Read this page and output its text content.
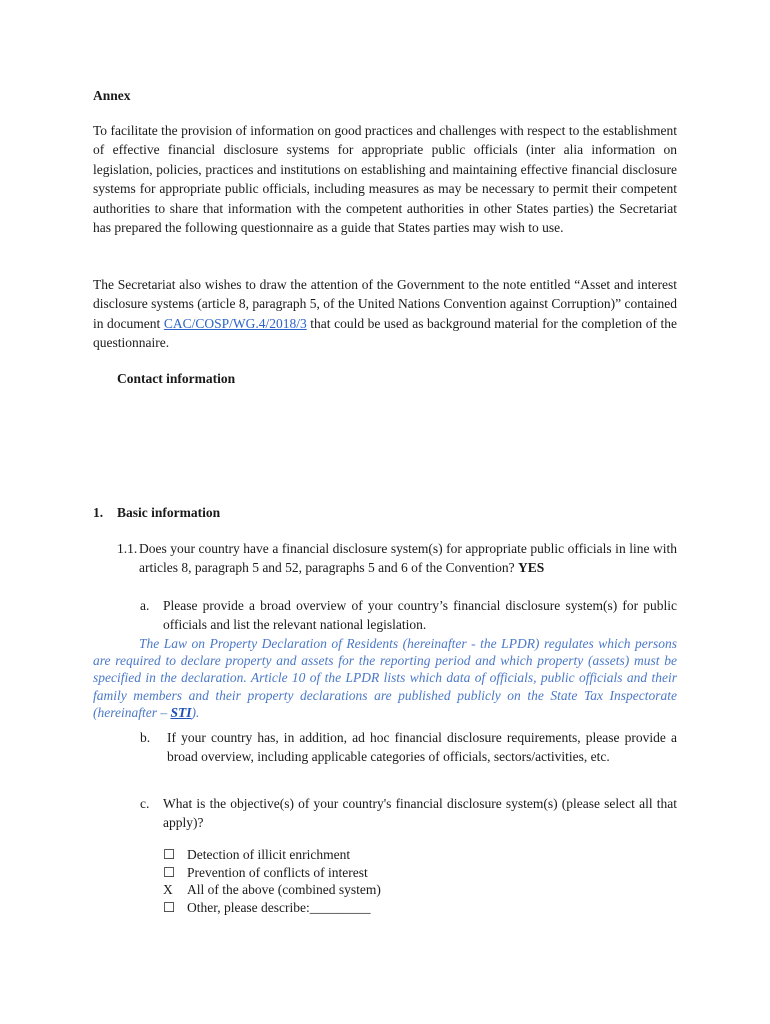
Annex
To facilitate the provision of information on good practices and challenges with respect to the establishment of effective financial disclosure systems for appropriate public officials (inter alia information on legislation, policies, practices and institutions on establishing and maintaining effective financial disclosure systems for appropriate public officials, including measures as may be necessary to permit their competent authorities to share that information with the competent authorities in other States parties) the Secretariat has prepared the following questionnaire as a guide that States parties may wish to use.
The Secretariat also wishes to draw the attention of the Government to the note entitled “Asset and interest disclosure systems (article 8, paragraph 5, of the United Nations Convention against Corruption)” contained in document CAC/COSP/WG.4/2018/3 that could be used as background material for the completion of the questionnaire.
Contact information
1. Basic information
1.1. Does your country have a financial disclosure system(s) for appropriate public officials in line with articles 8, paragraph 5 and 52, paragraphs 5 and 6 of the Convention? YES
a. Please provide a broad overview of your country’s financial disclosure system(s) for public officials and list the relevant national legislation.
The Law on Property Declaration of Residents (hereinafter - the LPDR) regulates which persons are required to declare property and assets for the reporting period and which property (assets) must be specified in the declaration. Article 10 of the LPDR lists which data of officials, public officials and their family members and their property declarations are published publicly on the State Tax Inspectorate (hereinafter – STI).
b. If your country has, in addition, ad hoc financial disclosure requirements, please provide a broad overview, including applicable categories of officials, sectors/activities, etc.
c. What is the objective(s) of your country's financial disclosure system(s) (please select all that apply)?
☐ Detection of illicit enrichment
☐ Prevention of conflicts of interest
X	All of the above (combined system)
☐ Other, please describe:_________
